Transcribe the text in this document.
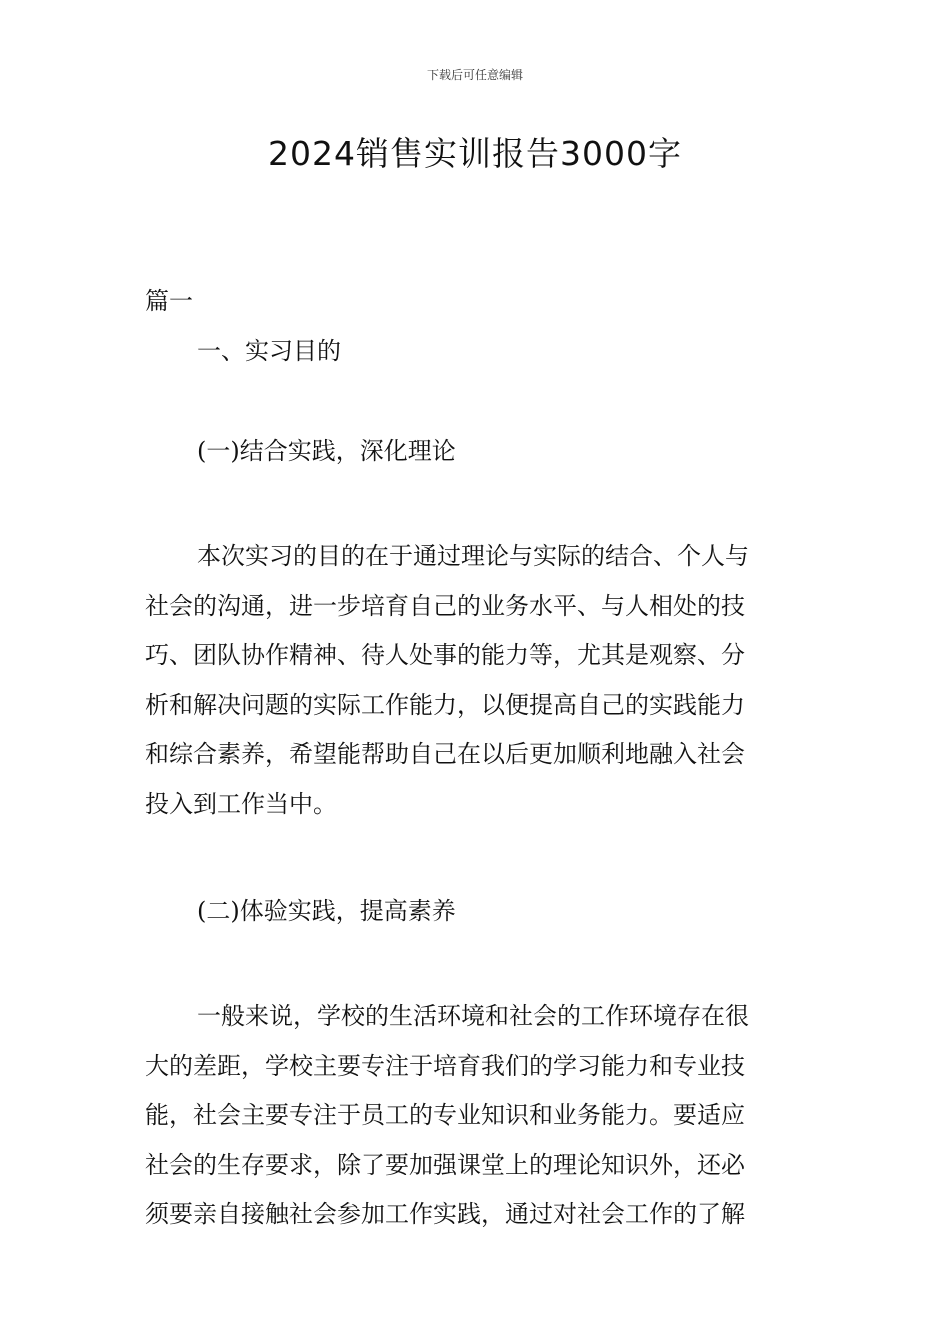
下载后可任意编辑
2024销售实训报告3000字
篇一
一、实习目的
(一)结合实践，深化理论

本次实习的目的在于通过理论与实际的结合、个人与

社会的沟通，进一步培育自己的业务水平、与人相处的技

巧、团队协作精神、待人处事的能力等，尤其是观察、分

析和解决问题的实际工作能力，以便提高自己的实践能力

和综合素养，希望能帮助自己在以后更加顺利地融入社会

投入到工作当中。

(二)体验实践，提高素养

一般来说，学校的生活环境和社会的工作环境存在很

大的差距，学校主要专注于培育我们的学习能力和专业技

能，社会主要专注于员工的专业知识和业务能力。要适应

社会的生存要求，除了要加强课堂上的理论知识外，还必

须要亲自接触社会参加工作实践，通过对社会工作的了解
